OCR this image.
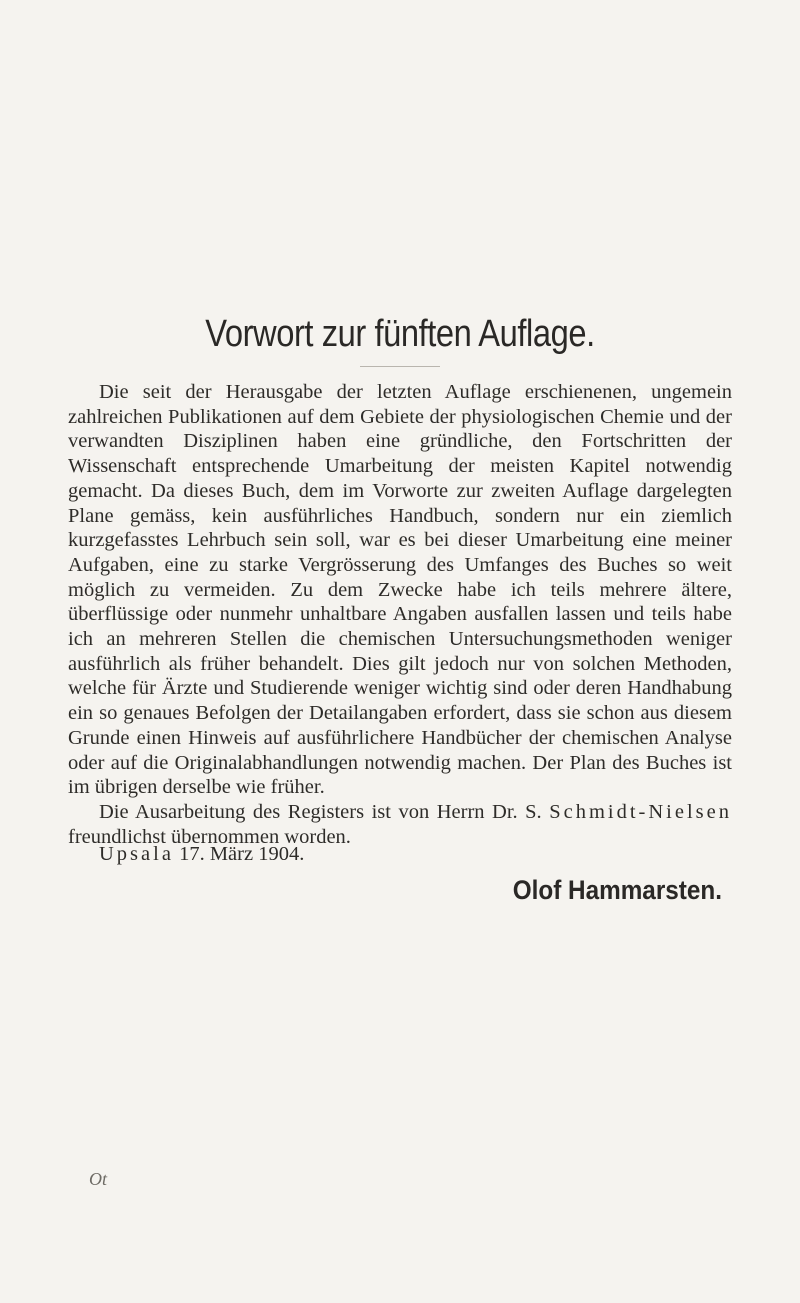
Vorwort zur fünften Auflage.

Die seit der Herausgabe der letzten Auflage erschienenen, ungemein zahlreichen Publikationen auf dem Gebiete der physiologischen Chemie und der verwandten Disziplinen haben eine gründliche, den Fortschritten der Wissenschaft entsprechende Umarbeitung der meisten Kapitel notwendig gemacht. Da dieses Buch, dem im Vorworte zur zweiten Auflage dargelegten Plane gemäss, kein ausführliches Handbuch, sondern nur ein ziemlich kurzgefasstes Lehrbuch sein soll, war es bei dieser Umarbeitung eine meiner Aufgaben, eine zu starke Vergrösserung des Umfanges des Buches so weit möglich zu vermeiden. Zu dem Zwecke habe ich teils mehrere ältere, überflüssige oder nunmehr unhaltbare Angaben ausfallen lassen und teils habe ich an mehreren Stellen die chemischen Untersuchungsmethoden weniger ausführlich als früher behandelt. Dies gilt jedoch nur von solchen Methoden, welche für Ärzte und Studierende weniger wichtig sind oder deren Handhabung ein so genaues Befolgen der Detailangaben erfordert, dass sie schon aus diesem Grunde einen Hinweis auf ausführlichere Handbücher der chemischen Analyse oder auf die Originalabhandlungen notwendig machen. Der Plan des Buches ist im übrigen derselbe wie früher.

Die Ausarbeitung des Registers ist von Herrn Dr. S. Schmidt-Nielsen freundlichst übernommen worden.

Upsala 17. März 1904.
Olof Hammarsten.
Ot
